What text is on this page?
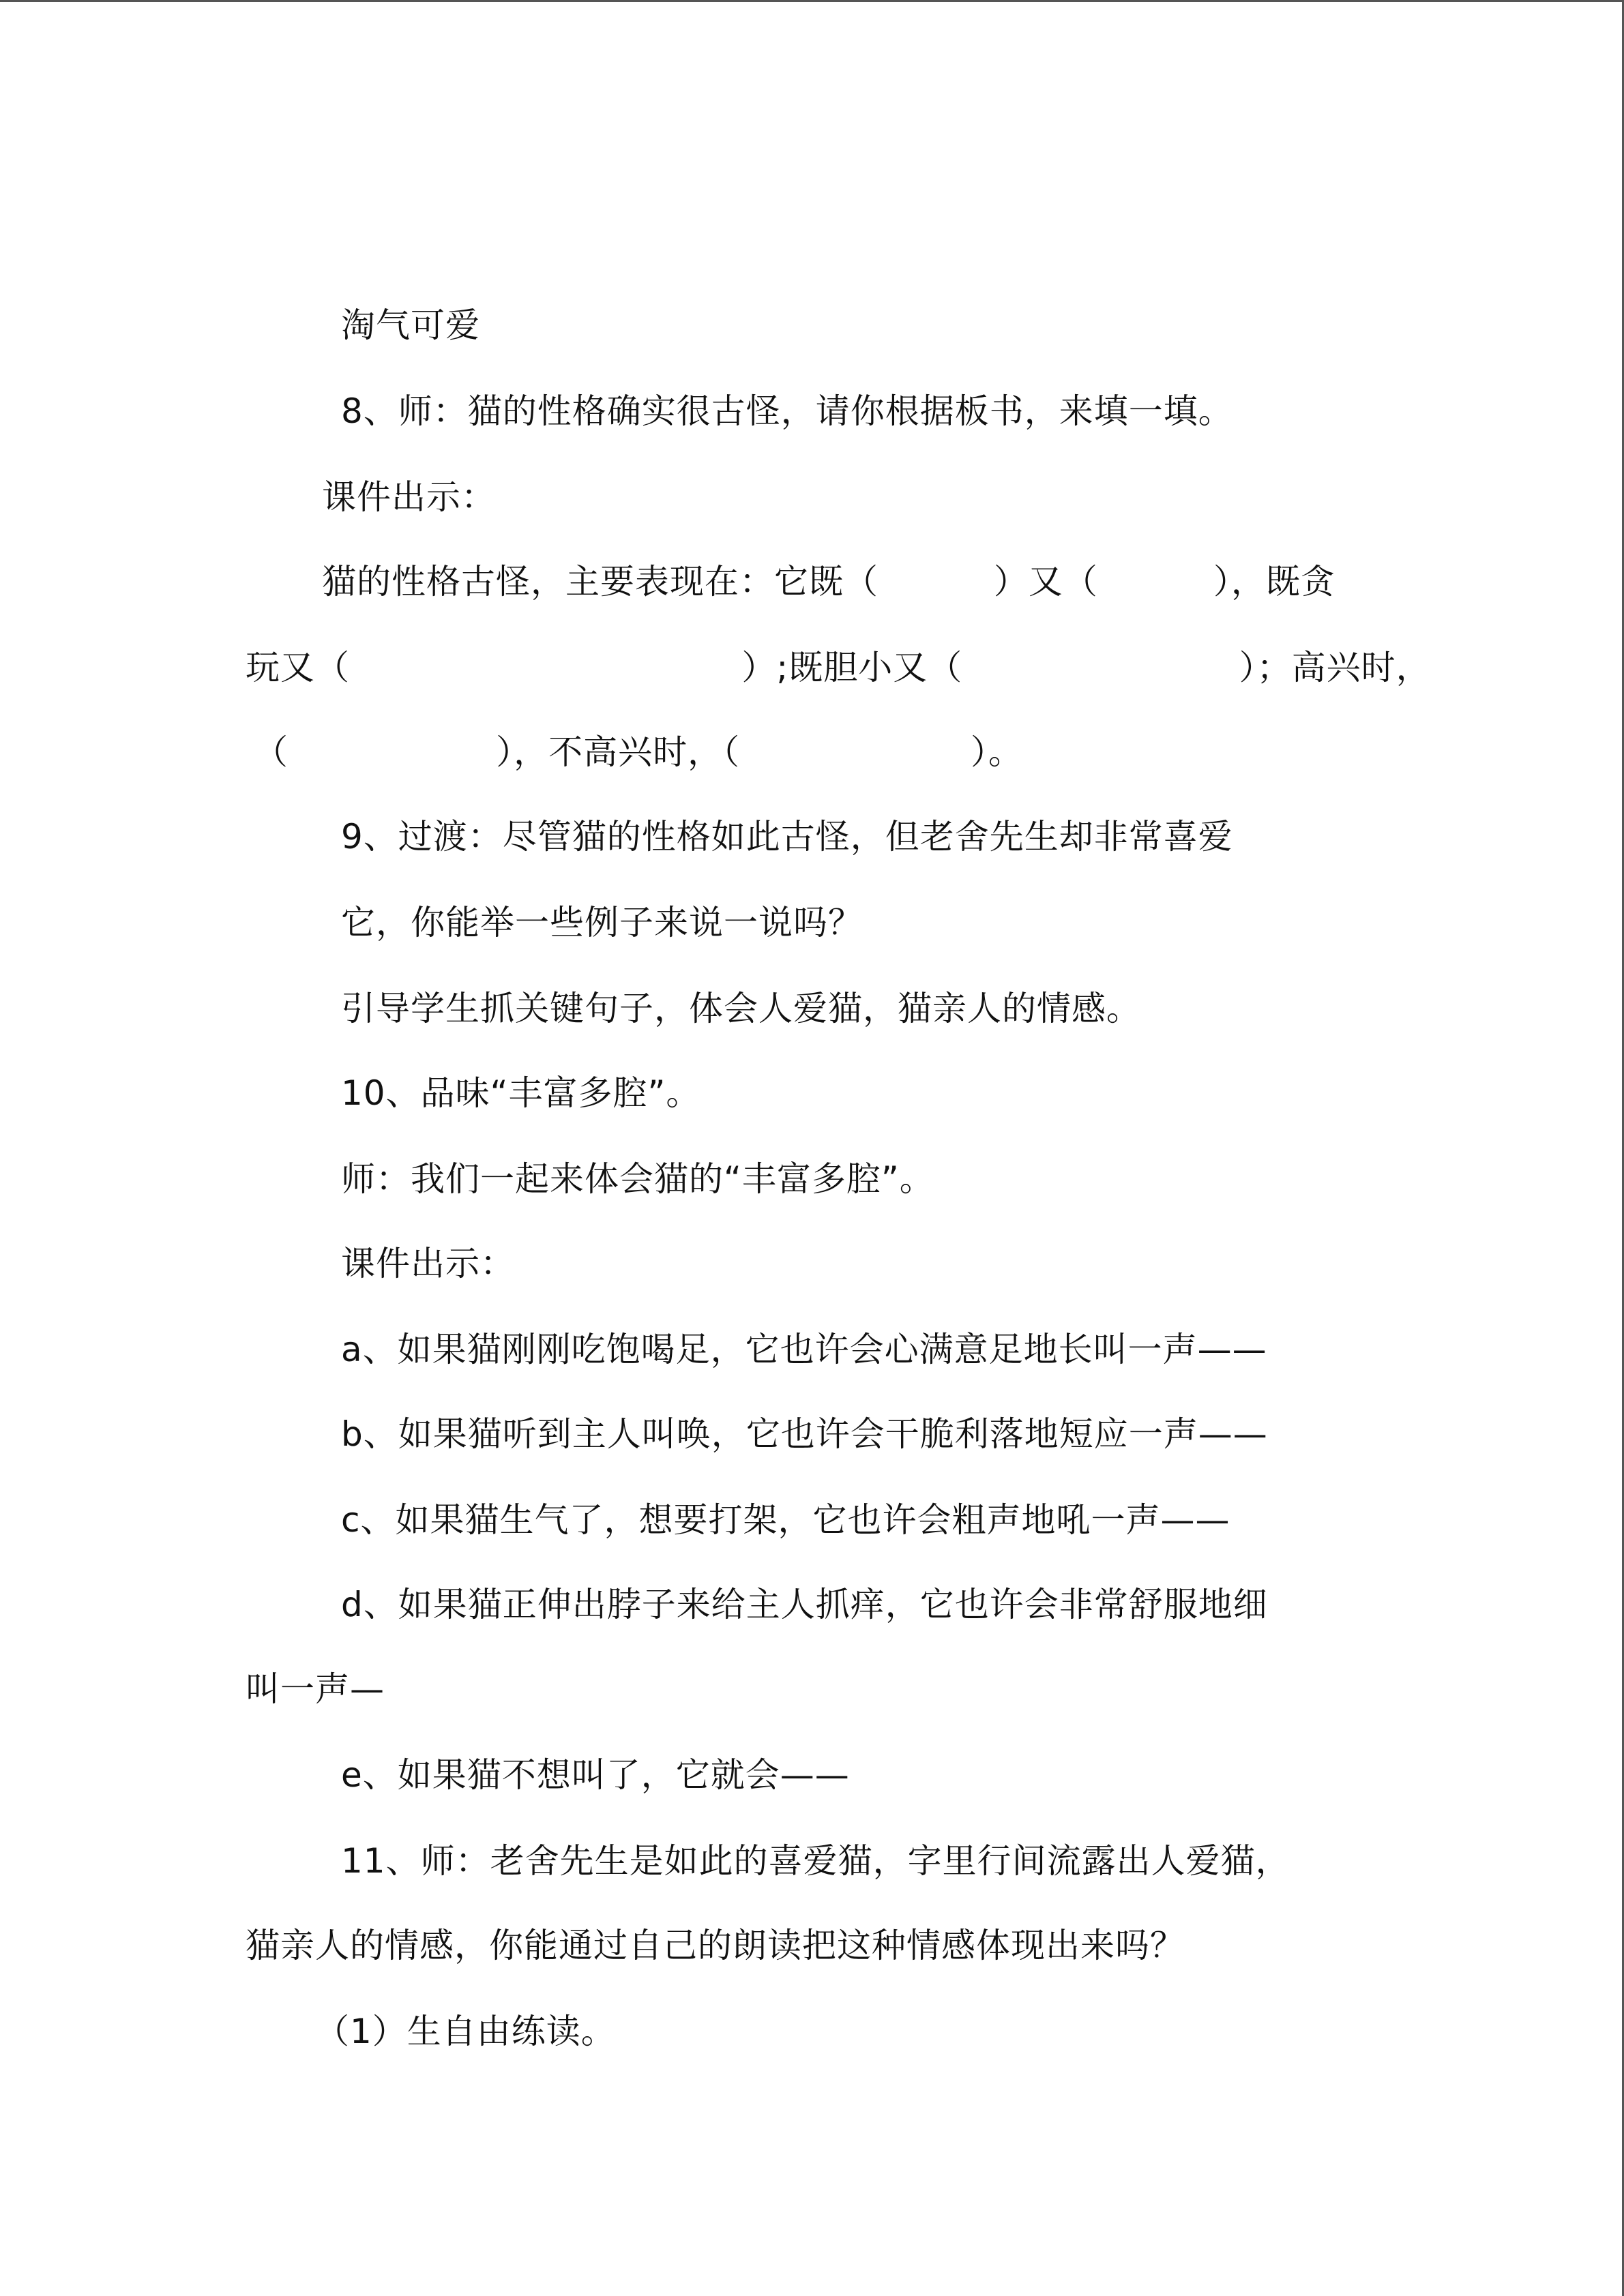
淘气可爱
8、师：猫的性格确实很古怪，请你根据板书，来填一填。
课件出示：
猫的性格古怪，主要表现在：它既（          ）又（          ），既贪
玩又（                                  ）;既胆小又（                        ）；高兴时，
（                  ），不高兴时，（                    ）。
9、过渡：尽管猫的性格如此古怪，但老舍先生却非常喜爱
它，你能举一些例子来说一说吗？
引导学生抓关键句子，体会人爱猫，猫亲人的情感。
10、品味“丰富多腔”。
师：我们一起来体会猫的“丰富多腔”。
课件出示：
a、如果猫刚刚吃饱喝足，它也许会心满意足地长叫一声——
b、如果猫听到主人叫唤，它也许会干脆利落地短应一声——
c、如果猫生气了，想要打架，它也许会粗声地吼一声——
d、如果猫正伸出脖子来给主人抓痒，它也许会非常舒服地细
叫一声—
e、如果猫不想叫了，它就会——
11、师：老舍先生是如此的喜爱猫，字里行间流露出人爱猫，
猫亲人的情感，你能通过自己的朗读把这种情感体现出来吗？
（1）生自由练读。
